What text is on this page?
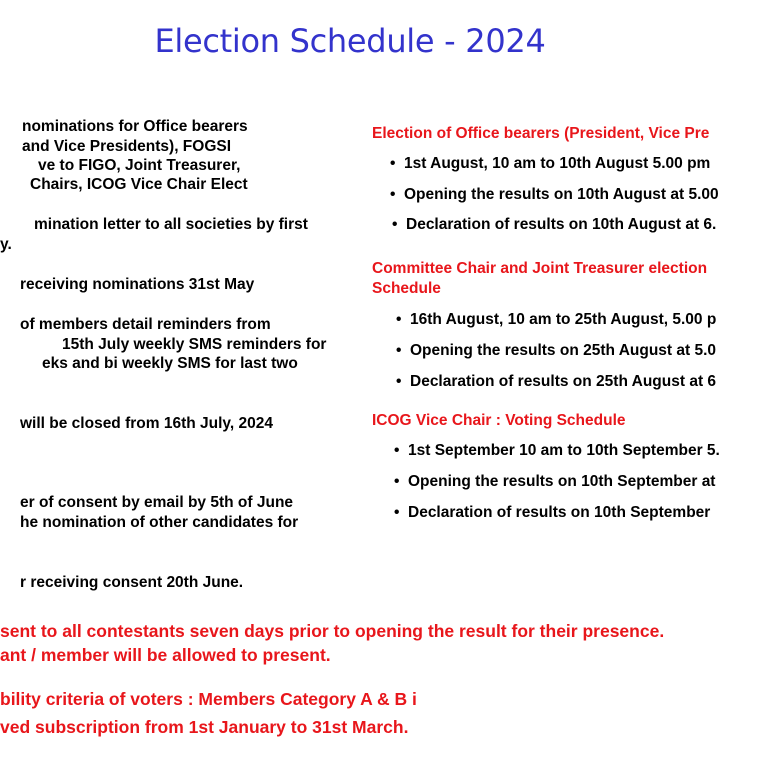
Election Schedule - 2024
nominations for Office bearers
and Vice Presidents), FOGSI
ve to FIGO, Joint Treasurer,
Chairs, ICOG Vice Chair Elect
mination letter to all societies by first
y.
receiving nominations 31st May
of members detail reminders from
15th July weekly SMS reminders for
eks and bi weekly SMS for last two
will be closed from 16th July, 2024
er of consent by email by 5th of June
he nomination of other candidates for
r receiving consent 20th June.
Election of Office bearers (President, Vice Pre
• 1st August, 10 am to 10th August 5.00 pm
• Opening the results on 10th August at 5.00
• Declaration of results on 10th August at 6.
Committee Chair and Joint Treasurer election
Schedule
• 16th August, 10 am to 25th August, 5.00 p
• Opening the results on 25th August at 5.0
• Declaration of results on 25th August at 6
ICOG Vice Chair : Voting Schedule
• 1st September 10 am to 10th September 5.
• Opening the results on 10th September at
• Declaration of results on 10th September
sent to all contestants seven days prior to opening the result for their presence.
ant / member will be allowed to present.
bility criteria of voters : Members Category A & B i
ved subscription from 1st January to 31st March.
